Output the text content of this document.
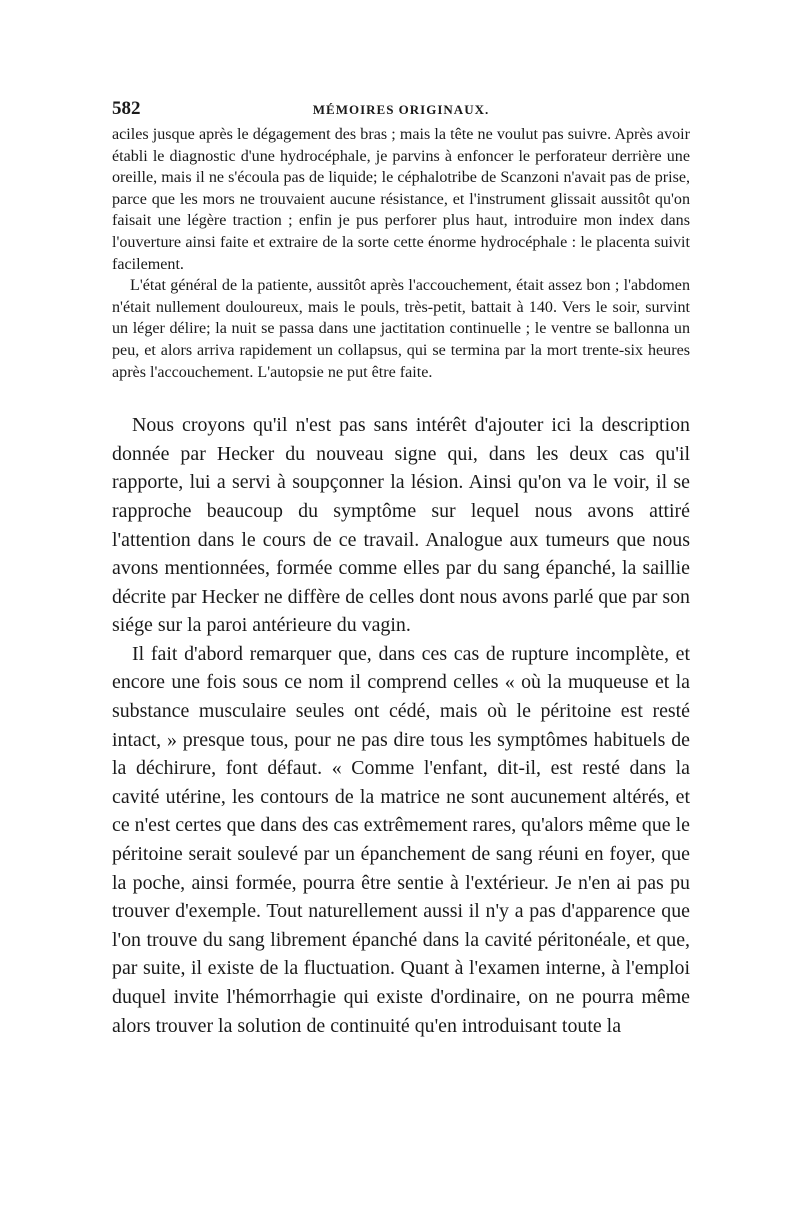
582	MÉMOIRES ORIGINAUX.

aciles jusque après le dégagement des bras ; mais la tête ne voulut pas suivre. Après avoir établi le diagnostic d'une hydrocéphale, je parvins à enfoncer le perforateur derrière une oreille, mais il ne s'écoula pas de liquide; le céphalotribe de Scanzoni n'avait pas de prise, parce que les mors ne trouvaient aucune résistance, et l'instrument glissait aussitôt qu'on faisait une légère traction ; enfin je pus perforer plus haut, introduire mon index dans l'ouverture ainsi faite et extraire de la sorte cette énorme hydrocéphale : le placenta suivit facilement.

L'état général de la patiente, aussitôt après l'accouchement, était assez bon ; l'abdomen n'était nullement douloureux, mais le pouls, très-petit, battait à 140. Vers le soir, survint un léger délire; la nuit se passa dans une jactitation continuelle ; le ventre se ballonna un peu, et alors arriva rapidement un collapsus, qui se termina par la mort trente-six heures après l'accouchement. L'autopsie ne put être faite.

Nous croyons qu'il n'est pas sans intérêt d'ajouter ici la description donnée par Hecker du nouveau signe qui, dans les deux cas qu'il rapporte, lui a servi à soupçonner la lésion. Ainsi qu'on va le voir, il se rapproche beaucoup du symptôme sur lequel nous avons attiré l'attention dans le cours de ce travail. Analogue aux tumeurs que nous avons mentionnées, formée comme elles par du sang épanché, la saillie décrite par Hecker ne diffère de celles dont nous avons parlé que par son siége sur la paroi antérieure du vagin.

Il fait d'abord remarquer que, dans ces cas de rupture incomplète, et encore une fois sous ce nom il comprend celles « où la muqueuse et la substance musculaire seules ont cédé, mais où le péritoine est resté intact, » presque tous, pour ne pas dire tous les symptômes habituels de la déchirure, font défaut. « Comme l'enfant, dit-il, est resté dans la cavité utérine, les contours de la matrice ne sont aucunement altérés, et ce n'est certes que dans des cas extrêmement rares, qu'alors même que le péritoine serait soulevé par un épanchement de sang réuni en foyer, que la poche, ainsi formée, pourra être sentie à l'extérieur. Je n'en ai pas pu trouver d'exemple. Tout naturellement aussi il n'y a pas d'apparence que l'on trouve du sang librement épanché dans la cavité péritonéale, et que, par suite, il existe de la fluctuation. Quant à l'examen interne, à l'emploi duquel invite l'hémorrhagie qui existe d'ordinaire, on ne pourra même alors trouver la solution de continuité qu'en introduisant toute la
